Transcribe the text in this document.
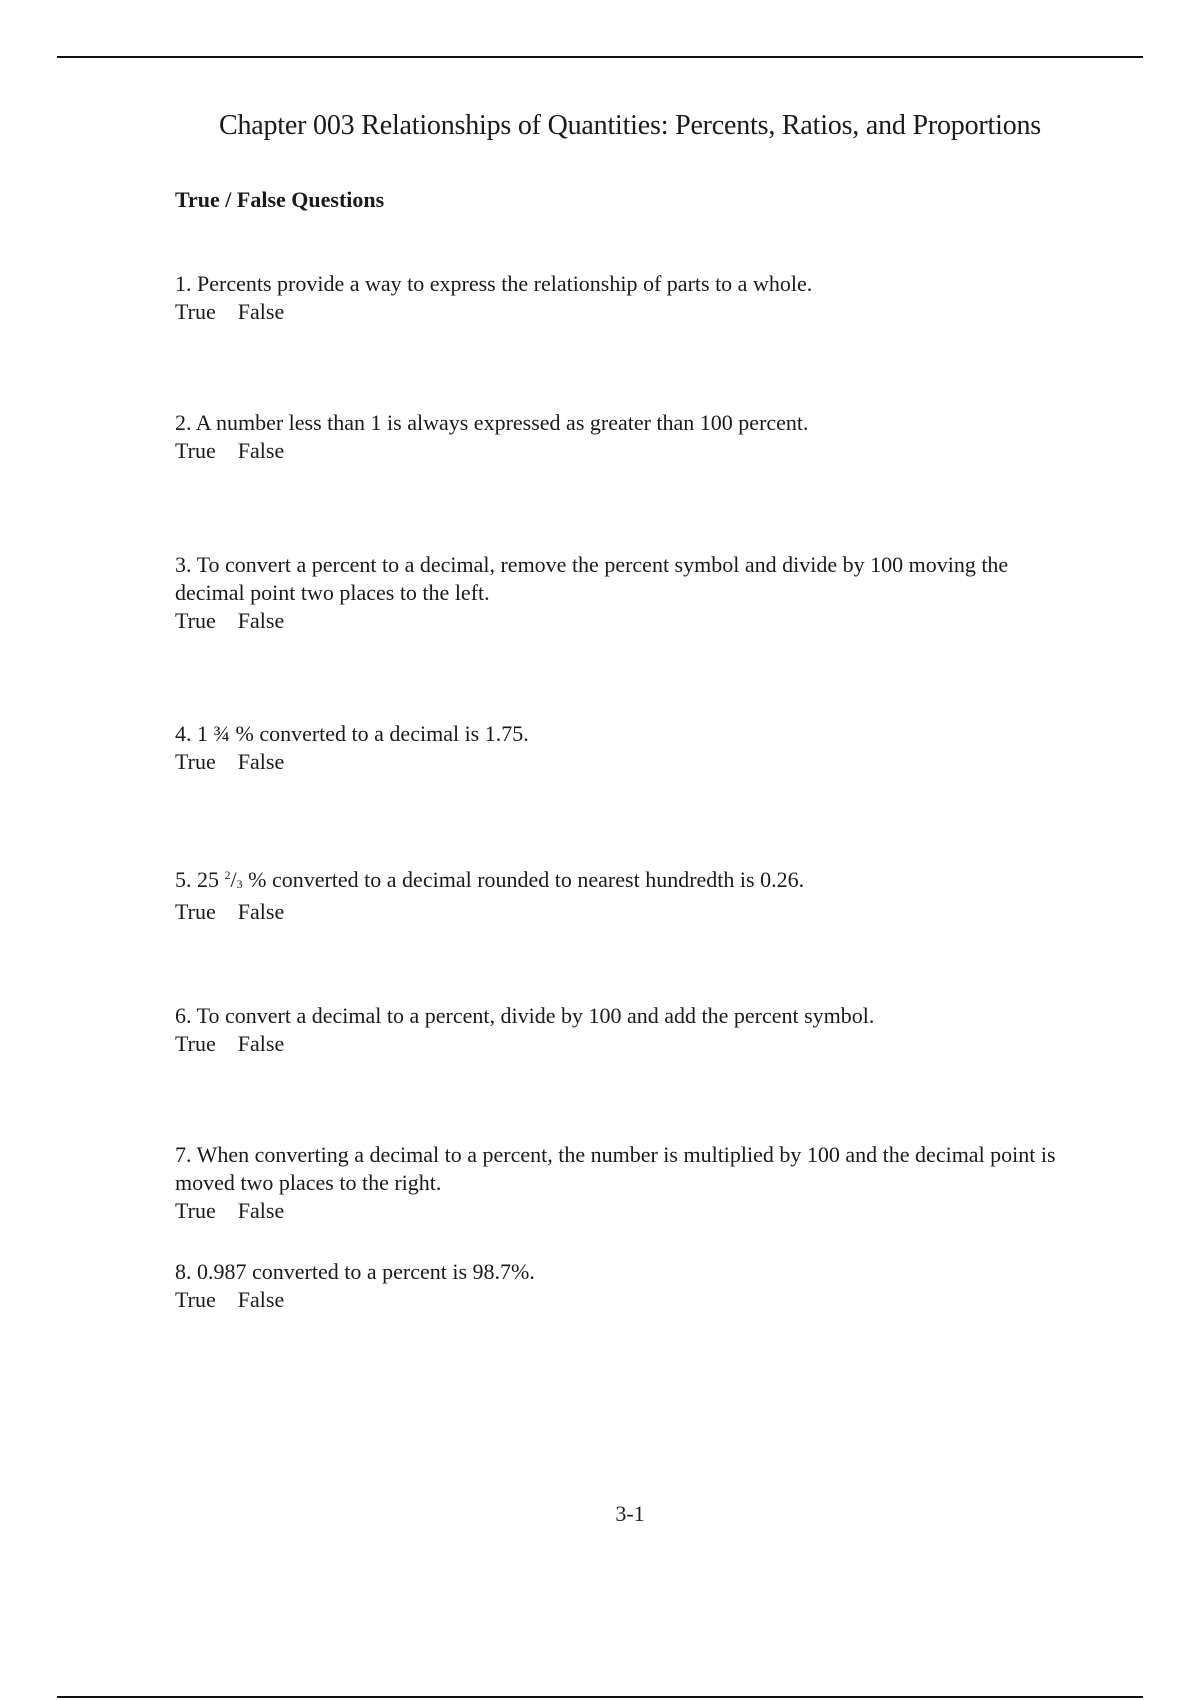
Chapter 003 Relationships of Quantities: Percents, Ratios, and Proportions
True / False Questions
1. Percents provide a way to express the relationship of parts to a whole.
True False
2. A number less than 1 is always expressed as greater than 100 percent.
True False
3. To convert a percent to a decimal, remove the percent symbol and divide by 100 moving the decimal point two places to the left.
True False
4. 1 ¾ % converted to a decimal is 1.75.
True False
5. 25 $^2/_3$ % converted to a decimal rounded to nearest hundredth is 0.26.
True False
6. To convert a decimal to a percent, divide by 100 and add the percent symbol.
True False
7. When converting a decimal to a percent, the number is multiplied by 100 and the decimal point is moved two places to the right.
True False
8. 0.987 converted to a percent is 98.7%.
True False
3-1
